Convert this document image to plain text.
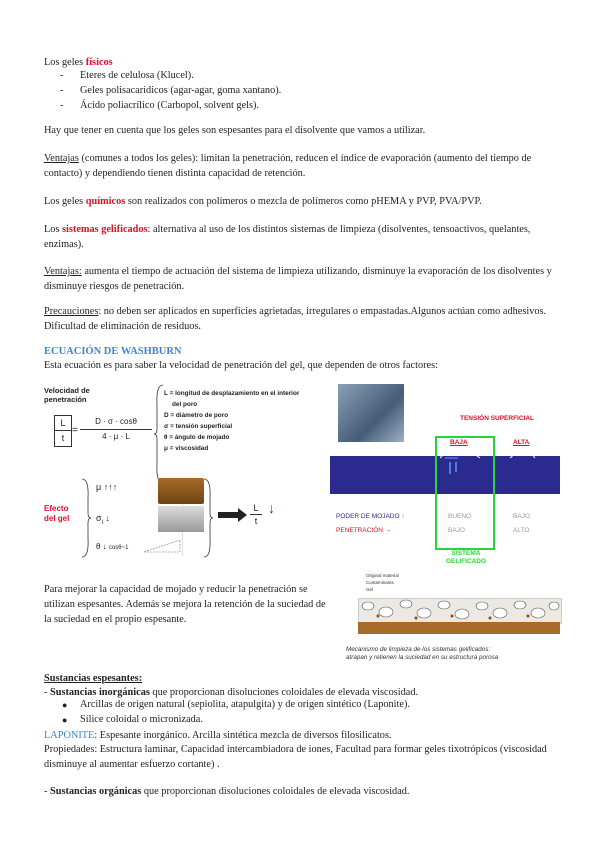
Los geles físicos
- Eteres de celulosa (Klucel).
- Geles polisacarídicos (agar-agar, goma xantano).
- Ácido poliacrílico (Carbopol, solvent gels).
Hay que tener en cuenta que los geles son espesantes para el disolvente que vamos a utilizar.
Ventajas (comunes a todos los geles): limitan la penetración, reducen el índice de evaporación (aumento del tiempo de contacto) y dependiendo tienen distinta capacidad de retención.
Los geles químicos son realizados con polímeros o mezcla de polímeros como pHEMA y PVP, PVA/PVP.
Los sistemas gelificados: alternativa al uso de los distintos sistemas de limpieza (disolventes, tensoactivos, quelantes, enzimas).
Ventajas: aumenta el tiempo de actuación del sistema de limpieza utilizando, disminuye la evaporación de los disolventes y disminuye riesgos de penetración.
Precauciones: no deben ser aplicados en superficies agrietadas, irregulares o empastadas.Algunos actúan como adhesivos. Dificultad de eliminación de residuos.
ECUACIÓN DE WASHBURN
Esta ecuación es para saber la velocidad de penetración del gel, que dependen de otros factores:
Velocidad de
penetración
L
t
=
D · σ · cosθ
4 · μ · L
L = longitud de desplazamiento en el interior
del poro
D = diámetro de poro
σ = tensión superficial
θ = ángulo de mojado
μ = viscosidad
Efecto
del gel
μ ↑↑↑
$\sigma_l$ ↓
θ ↓ cosθ~1
L
t
↓
TENSIÓN SUPERFICIAL
BAJA	ALTA
PODER DE MOJADO ↑
PENETRACIÓN →
BUENO
BAJO
BAJO
ALTO
SISTEMA
GELIFICADO
Para mejorar la capacidad de mojado y reducir la penetración se utilizan espesantes. Además se mejora la retención de la suciedad de la suciedad en el propio espesante.
Original material
Contaminants
Gel
Mecanismo de limpieza de los sistemas gelificados:
atrapan y retienen la suciedad en su estructura porosa
Sustancias espesantes:
- Sustancias inorgánicas que proporcionan disoluciones coloidales de elevada viscosidad.
● Arcillas de origen natural (sepiolita, atapulgita) y de origen sintético (Laponite).
● Sílice coloidal o micronizada.
LAPONITE: Espesante inorgánico. Arcilla sintética mezcla de diversos filosilicatos.
Propiedades: Estructura laminar, Capacidad intercambiadora de iones, Facultad para formar geles tixotrópicos (viscosidad disminuye al aumentar esfuerzo cortante) .
- Sustancias orgánicas que proporcionan disoluciones coloidales de elevada viscosidad.
